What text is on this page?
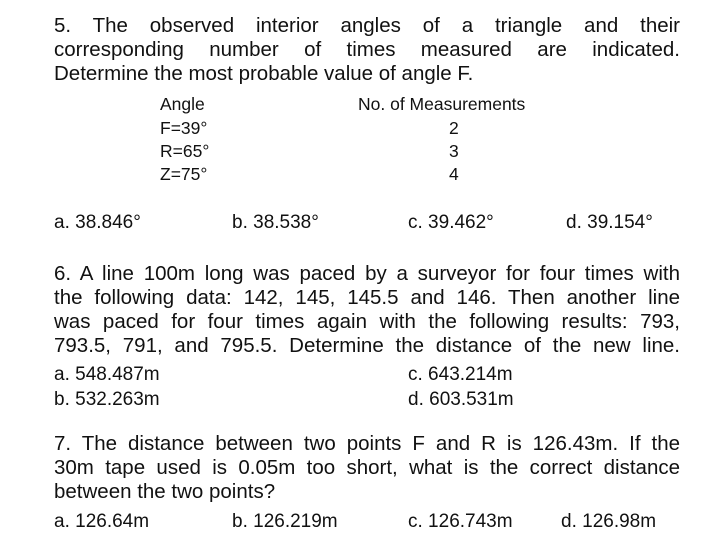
5. The observed interior angles of a triangle and their
corresponding number of times measured are indicated.
Determine the most probable value of angle F.
Angle	No. of Measurements
F=39°	2
R=65°	3
Z=75°	4
a. 38.846°	b. 38.538°	c. 39.462°	d. 39.154°
6. A line 100m long was paced by a surveyor for four times with
the following data: 142, 145, 145.5 and 146. Then another line
was paced for four times again with the following results: 793,
793.5, 791, and 795.5. Determine the distance of the new line.
a. 548.487m	c. 643.214m
b. 532.263m	d. 603.531m
7. The distance between two points F and R is 126.43m. If the
30m tape used is 0.05m too short, what is the correct distance
between the two points?
a. 126.64m	b. 126.219m	c. 126.743m	d. 126.98m
